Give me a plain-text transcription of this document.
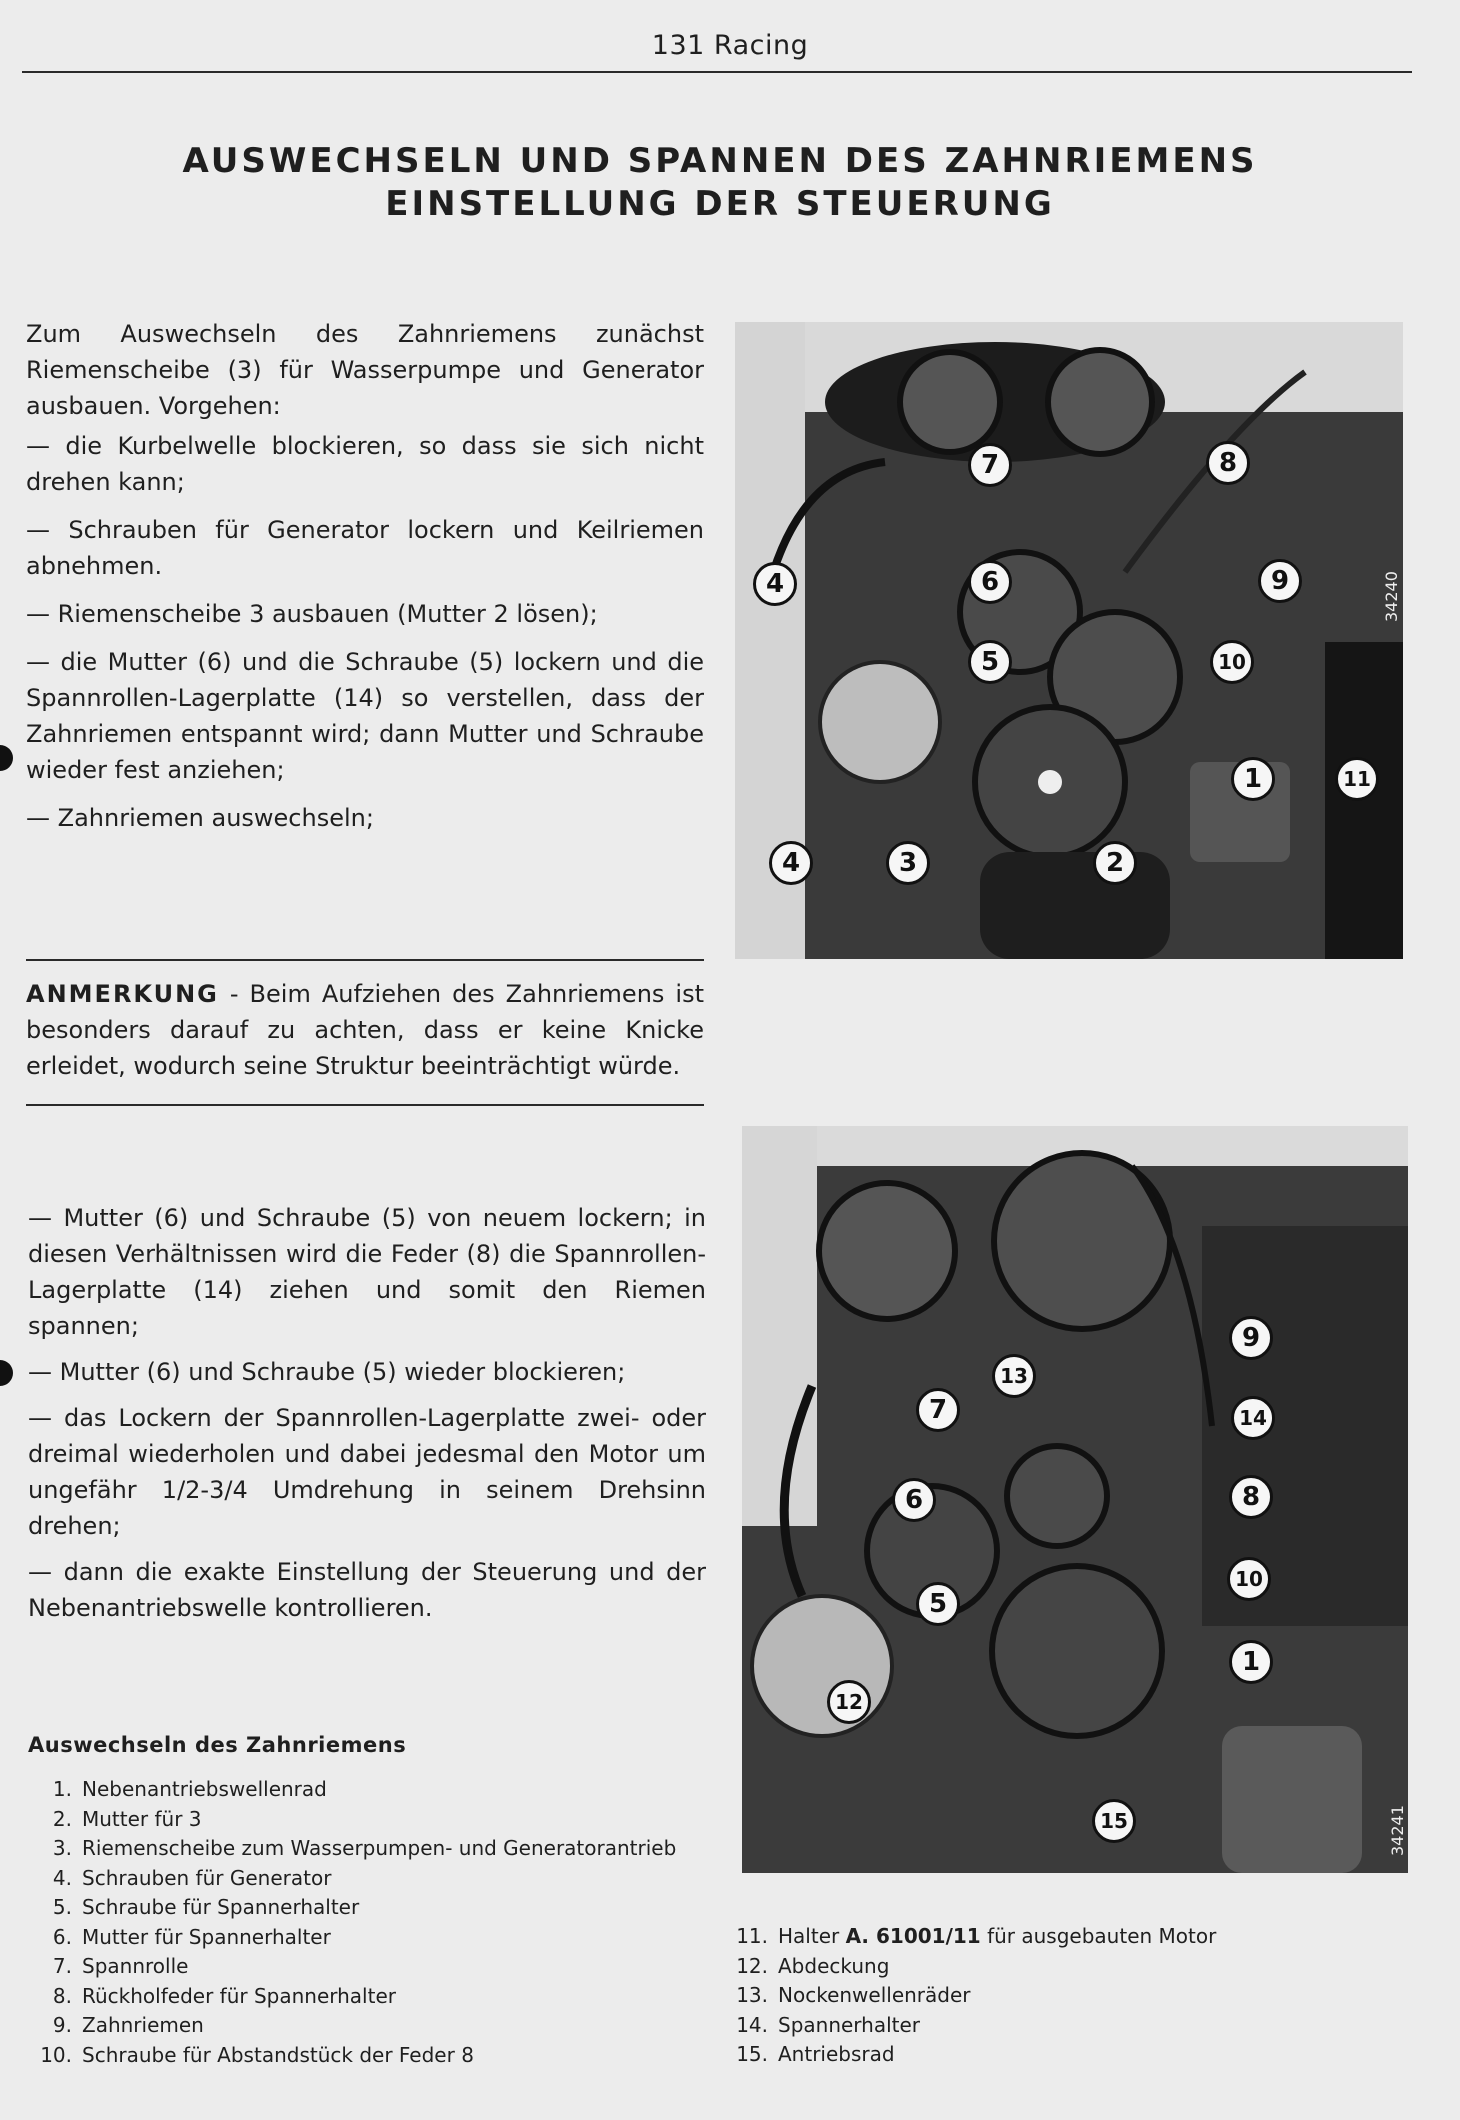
131 Racing
AUSWECHSELN UND SPANNEN DES ZAHNRIEMENS
EINSTELLUNG DER STEUERUNG

Zum Auswechseln des Zahnriemens zunächst Riemenscheibe (3) für Wasserpumpe und Generator ausbauen. Vorgehen:

— die Kurbelwelle blockieren, so dass sie sich nicht drehen kann;

— Schrauben für Generator lockern und Keilriemen abnehmen.

— Riemenscheibe 3 ausbauen (Mutter 2 lösen);

— die Mutter (6) und die Schraube (5) lockern und die Spannrollen-Lagerplatte (14) so verstellen, dass der Zahnriemen entspannt wird; dann Mutter und Schraube wieder fest anziehen;

— Zahnriemen auswechseln;

7	8
4	6	9
5	10
1	11
4	3	2
34240

ANMERKUNG - Beim Aufziehen des Zahnriemens ist besonders darauf zu achten, dass er keine Knicke erleidet, wodurch seine Struktur beeinträchtigt würde.

— Mutter (6) und Schraube (5) von neuem lockern; in diesen Verhältnissen wird die Feder (8) die Spannrollen-Lagerplatte (14) ziehen und somit den Riemen spannen;

— Mutter (6) und Schraube (5) wieder blockieren;

— das Lockern der Spannrollen-Lagerplatte zwei- oder dreimal wiederholen und dabei jedesmal den Motor um ungefähr 1/2-3/4 Umdrehung in seinem Drehsinn drehen;

— dann die exakte Einstellung der Steuerung und der Nebenantriebswelle kontrollieren.

9
13
7	14
6	8
10
5
1
12
15	34241
Auswechseln des Zahnriemens
1. Nebenantriebswellenrad
2. Mutter für 3
3. Riemenscheibe zum Wasserpumpen- und Generatorantrieb
4. Schrauben für Generator
5. Schraube für Spannerhalter
6. Mutter für Spannerhalter
7. Spannrolle
8. Rückholfeder für Spannerhalter
9. Zahnriemen
10. Schraube für Abstandstück der Feder 8
11. Halter A. 61001/11 für ausgebauten Motor
12. Abdeckung
13. Nockenwellenräder
14. Spannerhalter
15. Antriebsrad
